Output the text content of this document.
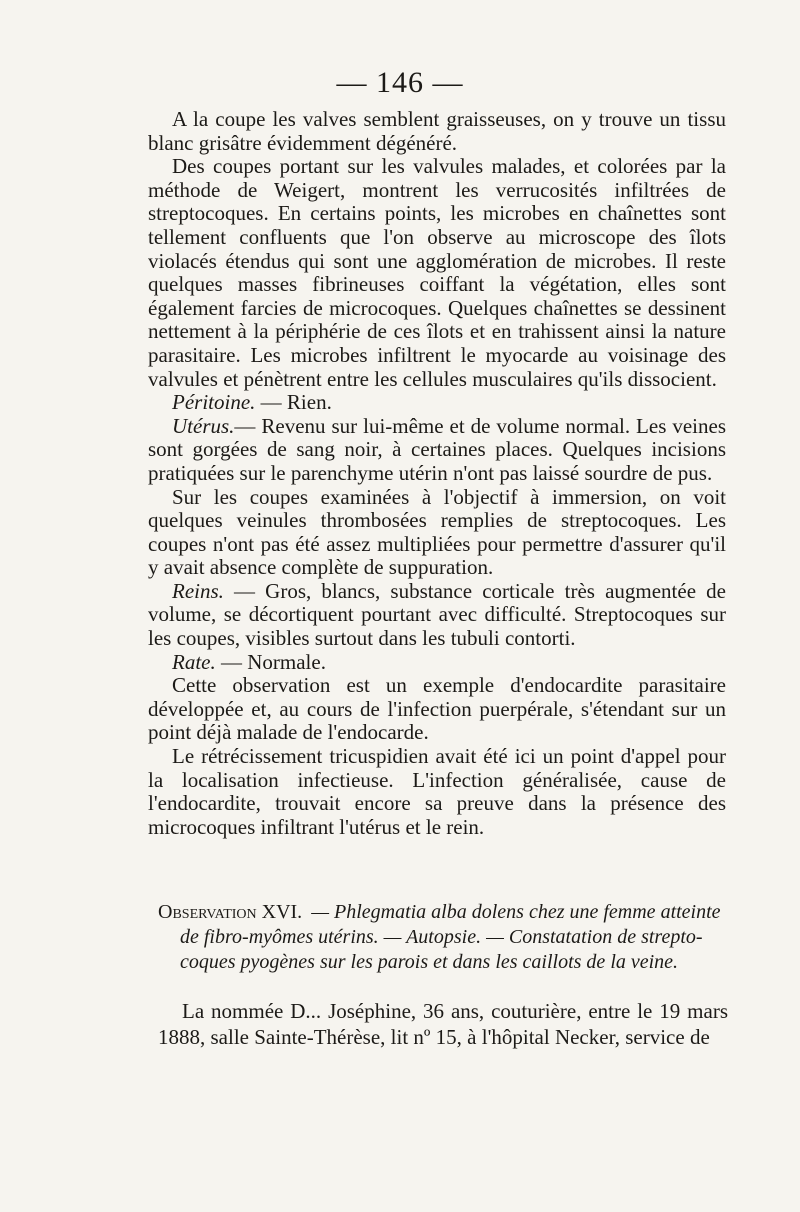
— 146 —

A la coupe les valves semblent graisseuses, on y trouve un tissu blanc grisâtre évidemment dégénéré.

Des coupes portant sur les valvules malades, et colorées par la méthode de Weigert, montrent les verrucosités infiltrées de streptocoques. En certains points, les microbes en chaînettes sont tellement confluents que l'on observe au microscope des îlots violacés étendus qui sont une agglomération de microbes. Il reste quelques masses fibrineuses coiffant la végétation, elles sont également farcies de microcoques. Quelques chaînettes se dessinent nettement à la périphérie de ces îlots et en trahissent ainsi la nature parasitaire. Les microbes infiltrent le myocarde au voisinage des valvules et pénètrent entre les cellules musculaires qu'ils dissocient.

Péritoine. — Rien.

Utérus.— Revenu sur lui-même et de volume normal. Les veines sont gorgées de sang noir, à certaines places. Quelques incisions pratiquées sur le parenchyme utérin n'ont pas laissé sourdre de pus.

Sur les coupes examinées à l'objectif à immersion, on voit quelques veinules thrombosées remplies de streptocoques. Les coupes n'ont pas été assez multipliées pour permettre d'assurer qu'il y avait absence complète de suppuration.

Reins. — Gros, blancs, substance corticale très augmentée de volume, se décortiquent pourtant avec difficulté. Streptocoques sur les coupes, visibles surtout dans les tubuli contorti.

Rate. — Normale.

Cette observation est un exemple d'endocardite parasitaire développée et, au cours de l'infection puerpérale, s'étendant sur un point déjà malade de l'endocarde.

Le rétrécissement tricuspidien avait été ici un point d'appel pour la localisation infectieuse. L'infection généralisée, cause de l'endocardite, trouvait encore sa preuve dans la présence des microcoques infiltrant l'utérus et le rein.

Observation XVI. — Phlegmatia alba dolens chez une femme atteinte
de fibro-myômes utérins. — Autopsie. — Constatation de strepto-
coques pyogènes sur les parois et dans les caillots de la veine.

La nommée D... Joséphine, 36 ans, couturière, entre le 19 mars 1888, salle Sainte-Thérèse, lit nº 15, à l'hôpital Necker, service de
